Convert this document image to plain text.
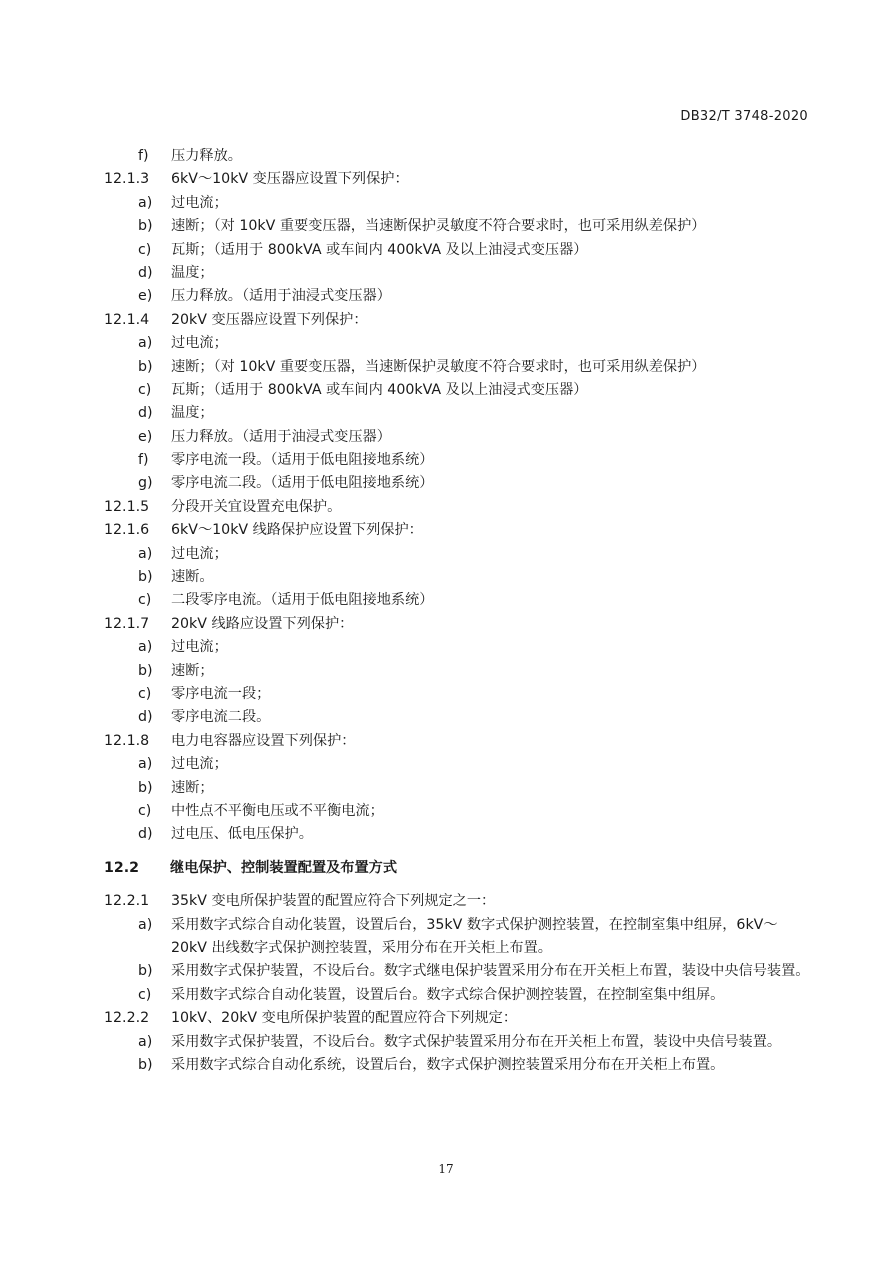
DB32/T 3748-2020
f) 压力释放。
12.1.3 6kV～10kV 变压器应设置下列保护：
a) 过电流；
b) 速断；（对 10kV 重要变压器，当速断保护灵敏度不符合要求时，也可采用纵差保护）
c) 瓦斯；（适用于 800kVA 或车间内 400kVA 及以上油浸式变压器）
d) 温度；
e) 压力释放。（适用于油浸式变压器）
12.1.4 20kV 变压器应设置下列保护：
a) 过电流；
b) 速断；（对 10kV 重要变压器，当速断保护灵敏度不符合要求时，也可采用纵差保护）
c) 瓦斯；（适用于 800kVA 或车间内 400kVA 及以上油浸式变压器）
d) 温度；
e) 压力释放。（适用于油浸式变压器）
f) 零序电流一段。（适用于低电阻接地系统）
g) 零序电流二段。（适用于低电阻接地系统）
12.1.5 分段开关宜设置充电保护。
12.1.6 6kV～10kV 线路保护应设置下列保护：
a) 过电流；
b) 速断。
c) 二段零序电流。（适用于低电阻接地系统）
12.1.7 20kV 线路应设置下列保护：
a) 过电流；
b) 速断；
c) 零序电流一段；
d) 零序电流二段。
12.1.8 电力电容器应设置下列保护：
a) 过电流；
b) 速断；
c) 中性点不平衡电压或不平衡电流；
d) 过电压、低电压保护。
12.2 继电保护、控制装置配置及布置方式
12.2.1 35kV 变电所保护装置的配置应符合下列规定之一：
a) 采用数字式综合自动化装置，设置后台，35kV 数字式保护测控装置，在控制室集中组屏，6kV～20kV 出线数字式保护测控装置，采用分布在开关柜上布置。
b) 采用数字式保护装置，不设后台。数字式继电保护装置采用分布在开关柜上布置，装设中央信号装置。
c) 采用数字式综合自动化装置，设置后台。数字式综合保护测控装置，在控制室集中组屏。
12.2.2 10kV、20kV 变电所保护装置的配置应符合下列规定：
a) 采用数字式保护装置，不设后台。数字式保护装置采用分布在开关柜上布置，装设中央信号装置。
b) 采用数字式综合自动化系统，设置后台，数字式保护测控装置采用分布在开关柜上布置。
17
